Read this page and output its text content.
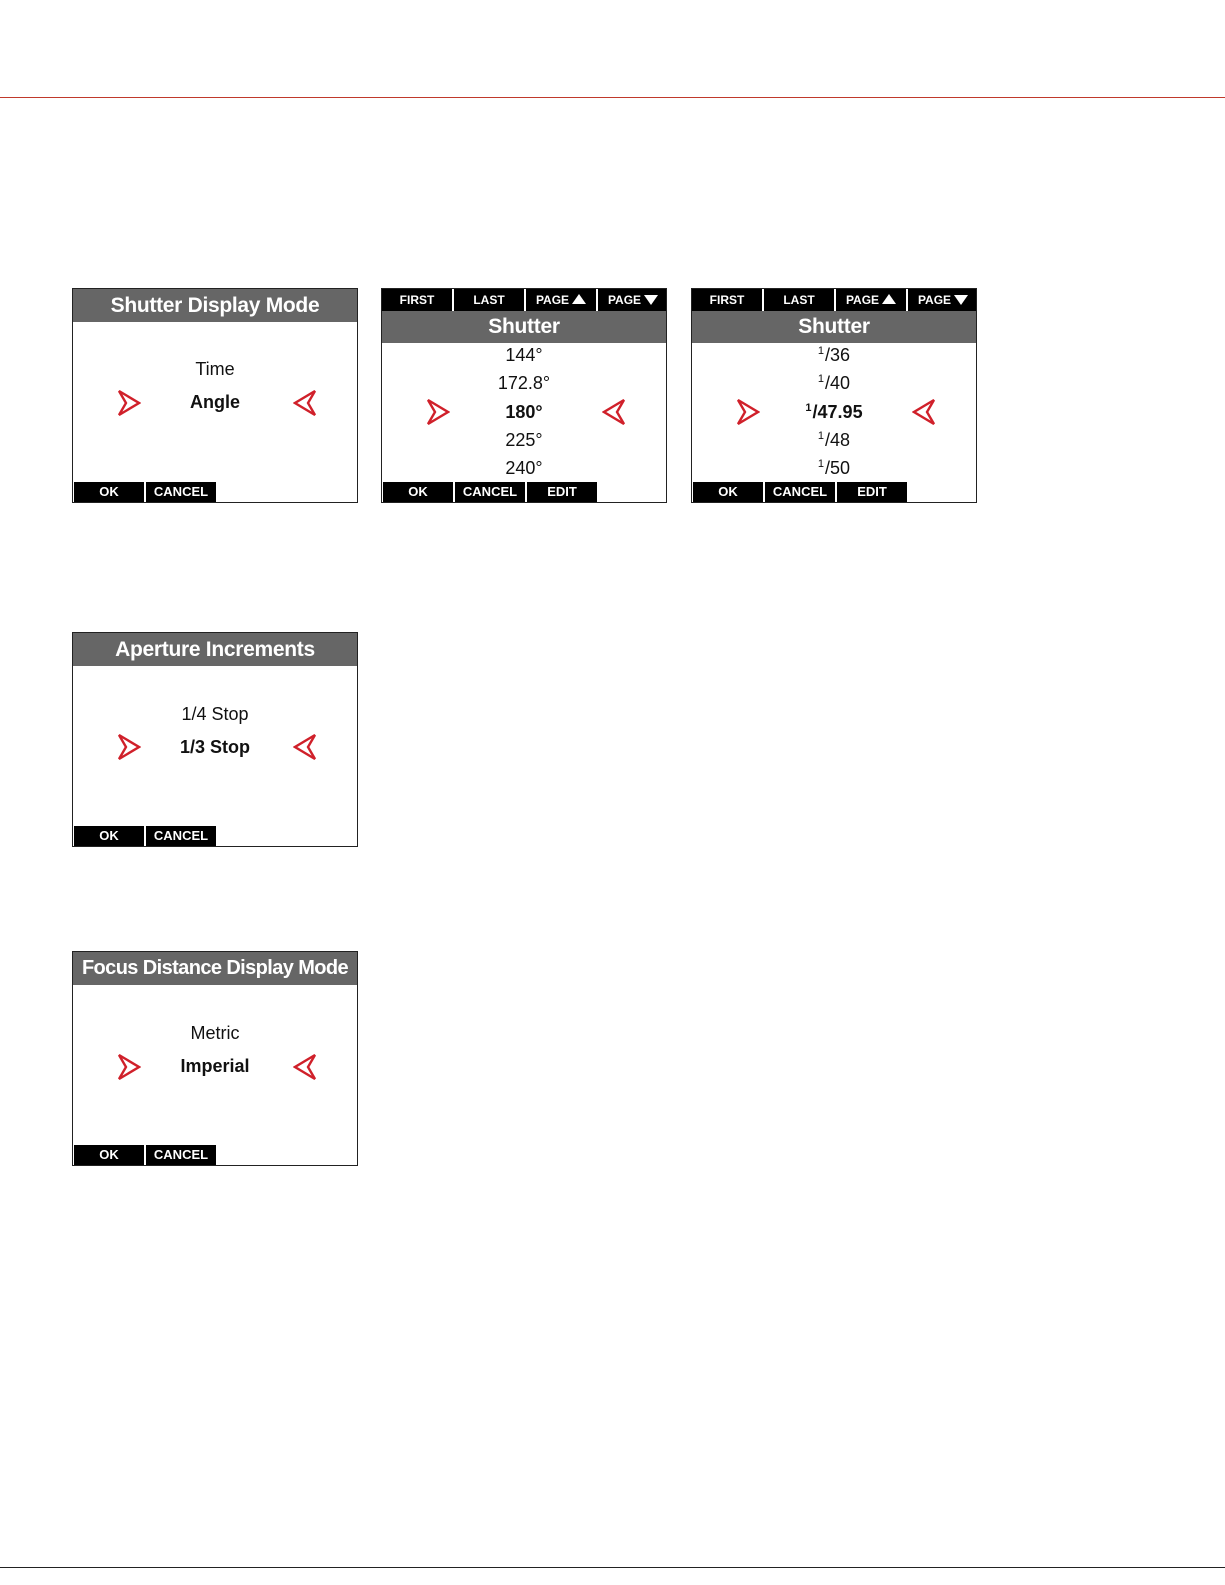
Shutter Display Mode
Time
Angle
OK	CANCEL
FIRST	LAST	PAGE	PAGE
Shutter
144°
172.8°
180°
225°
240°
OK	CANCEL	EDIT
FIRST	LAST	PAGE	PAGE
Shutter
$^1$/36
$^1$/40
$^1$/47.95
$^1$/48
$^1$/50
OK	CANCEL	EDIT
Aperture Increments
1/4 Stop
1/3 Stop
OK	CANCEL
Focus Distance Display Mode
Metric
Imperial
OK	CANCEL
